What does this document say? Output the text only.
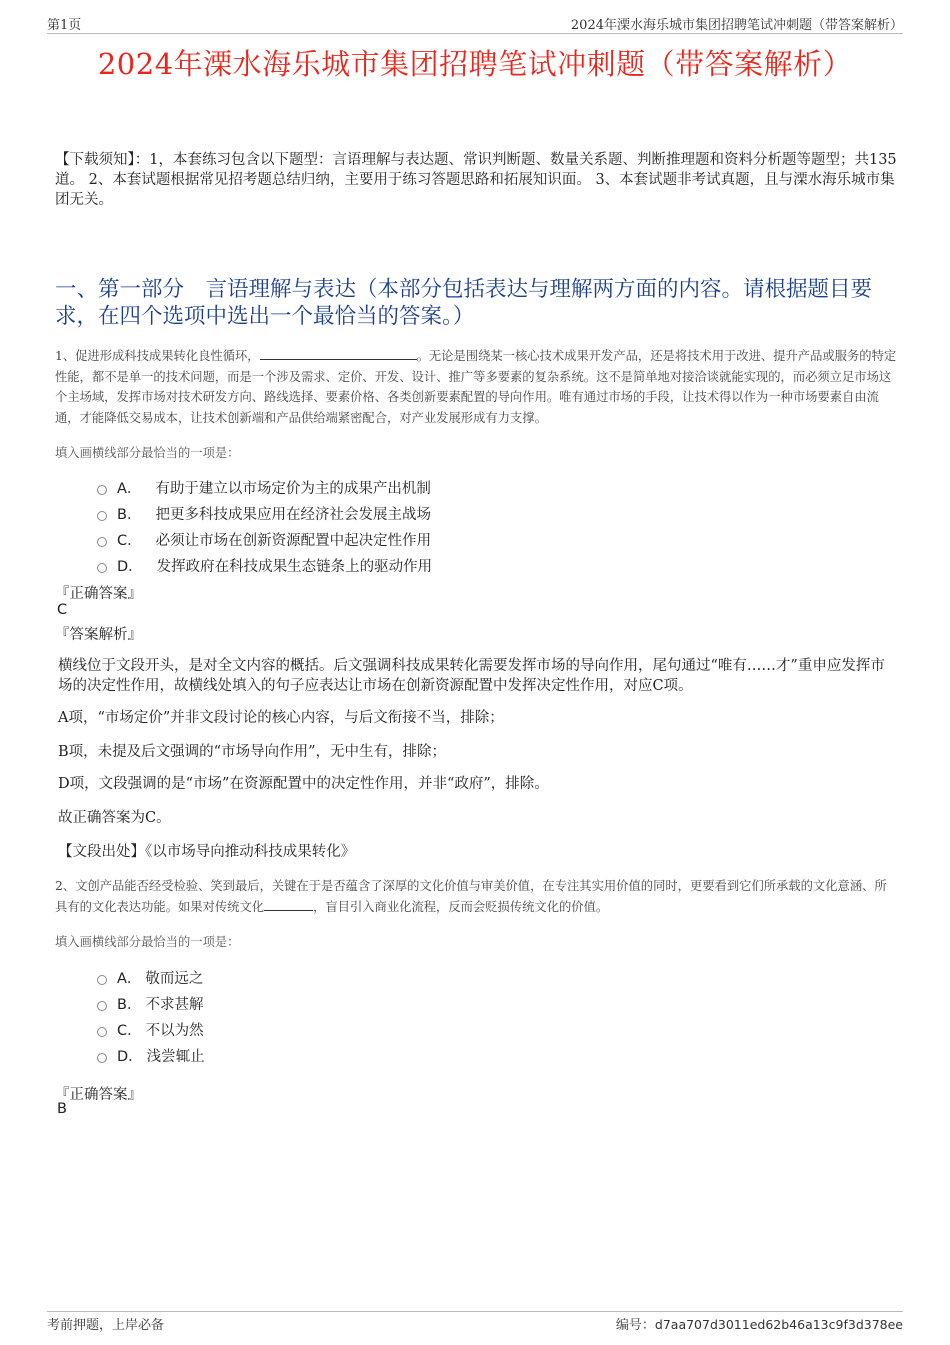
第1页	2024年溧水海乐城市集团招聘笔试冲刺题（带答案解析）
2024年溧水海乐城市集团招聘笔试冲刺题（带答案解析）
【下载须知】：1，本套练习包含以下题型：言语理解与表达题、常识判断题、数量关系题、判断推理题和资料分析题等题型；共135道。 2、本套试题根据常见招考题总结归纳，主要用于练习答题思路和拓展知识面。 3、本套试题非考试真题，且与溧水海乐城市集团无关。
一、第一部分　言语理解与表达（本部分包括表达与理解两方面的内容。请根据题目要求，在四个选项中选出一个最恰当的答案。）
1、促进形成科技成果转化良性循环，	。无论是围绕某一核心技术成果开发产品，还是将技术用于改进、提升产品或服务的特定性能，都不是单一的技术问题，而是一个涉及需求、定价、开发、设计、推广等多要素的复杂系统。这不是简单地对接洽谈就能实现的，而必须立足市场这个主场域，发挥市场对技术研发方向、路线选择、要素价格、各类创新要素配置的导向作用。唯有通过市场的手段，让技术得以作为一种市场要素自由流通，才能降低交易成本，让技术创新端和产品供给端紧密配合，对产业发展形成有力支撑。
填入画横线部分最恰当的一项是：
A． 有助于建立以市场定价为主的成果产出机制
B． 把更多科技成果应用在经济社会发展主战场
C． 必须让市场在创新资源配置中起决定性作用
D． 发挥政府在科技成果生态链条上的驱动作用
『正确答案』
C
『答案解析』
横线位于文段开头，是对全文内容的概括。后文强调科技成果转化需要发挥市场的导向作用，尾句通过“唯有……才”重申应发挥市场的决定性作用，故横线处填入的句子应表达让市场在创新资源配置中发挥决定性作用，对应C项。
A项，“市场定价”并非文段讨论的核心内容，与后文衔接不当，排除；
B项，未提及后文强调的“市场导向作用”，无中生有，排除；
D项，文段强调的是“市场”在资源配置中的决定性作用，并非“政府”，排除。
故正确答案为C。
【文段出处】《以市场导向推动科技成果转化》
2、文创产品能否经受检验、笑到最后，关键在于是否蕴含了深厚的文化价值与审美价值，在专注其实用价值的同时，更要看到它们所承载的文化意涵、所具有的文化表达功能。如果对传统文化	，盲目引入商业化流程，反而会贬损传统文化的价值。
填入画横线部分最恰当的一项是：
A． 敬而远之
B． 不求甚解
C． 不以为然
D． 浅尝辄止
『正确答案』
B
考前押题，上岸必备	编号：d7aa707d3011ed62b46a13c9f3d378ee
